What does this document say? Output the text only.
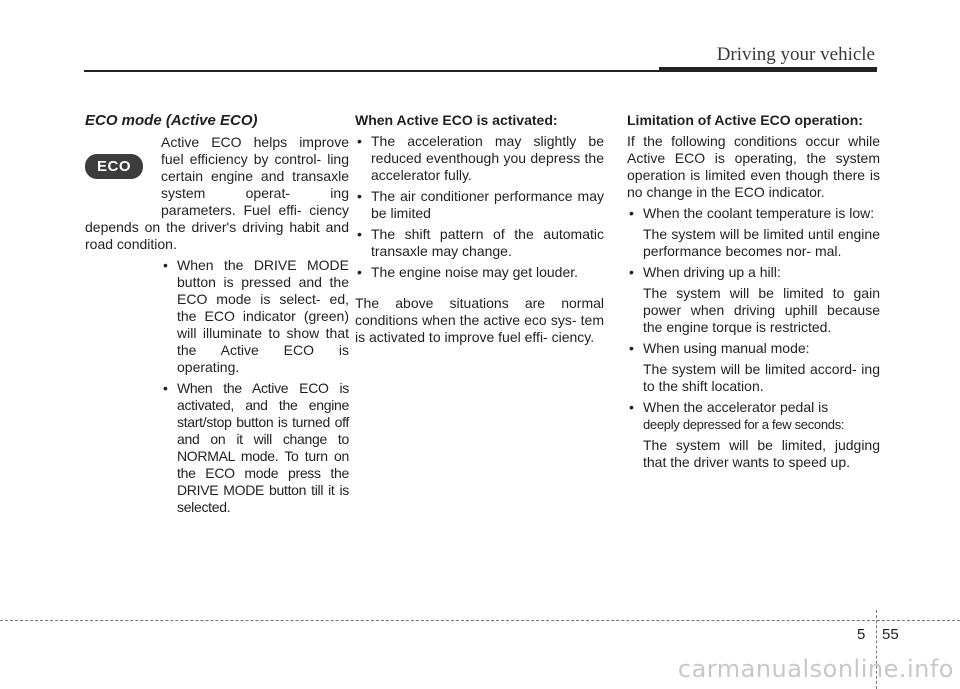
Driving your vehicle
ECO mode (Active ECO)
ECO

Active ECO helps improve fuel efficiency by control- ling certain engine and transaxle system operat- ing parameters. Fuel effi- ciency depends on the driver's driving habit and road condition.

• When the DRIVE MODE button is pressed and the ECO mode is select- ed, the ECO indicator (green) will illuminate to show that the Active ECO is operating.
• When the Active ECO is activated, and the engine start/stop button is turned off and on it will change to NORMAL mode. To turn on the ECO mode press the DRIVE MODE button till it is selected.
When Active ECO is activated:
• The acceleration may slightly be reduced eventhough you depress the accelerator fully.
• The air conditioner performance may be limited
• The shift pattern of the automatic transaxle may change.
• The engine noise may get louder.

The above situations are normal conditions when the active eco sys- tem is activated to improve fuel effi- ciency.

Limitation of Active ECO operation:

If the following conditions occur while Active ECO is operating, the system operation is limited even though there is no change in the ECO indicator.

• When the coolant temperature is low:
The system will be limited until engine performance becomes nor- mal.
• When driving up a hill:
The system will be limited to gain power when driving uphill because the engine torque is restricted.
• When using manual mode:
The system will be limited accord- ing to the shift location.
• When the accelerator pedal is
deeply depressed for a few seconds:
The system will be limited, judging that the driver wants to speed up.
5 55
carmanualsonline.info
